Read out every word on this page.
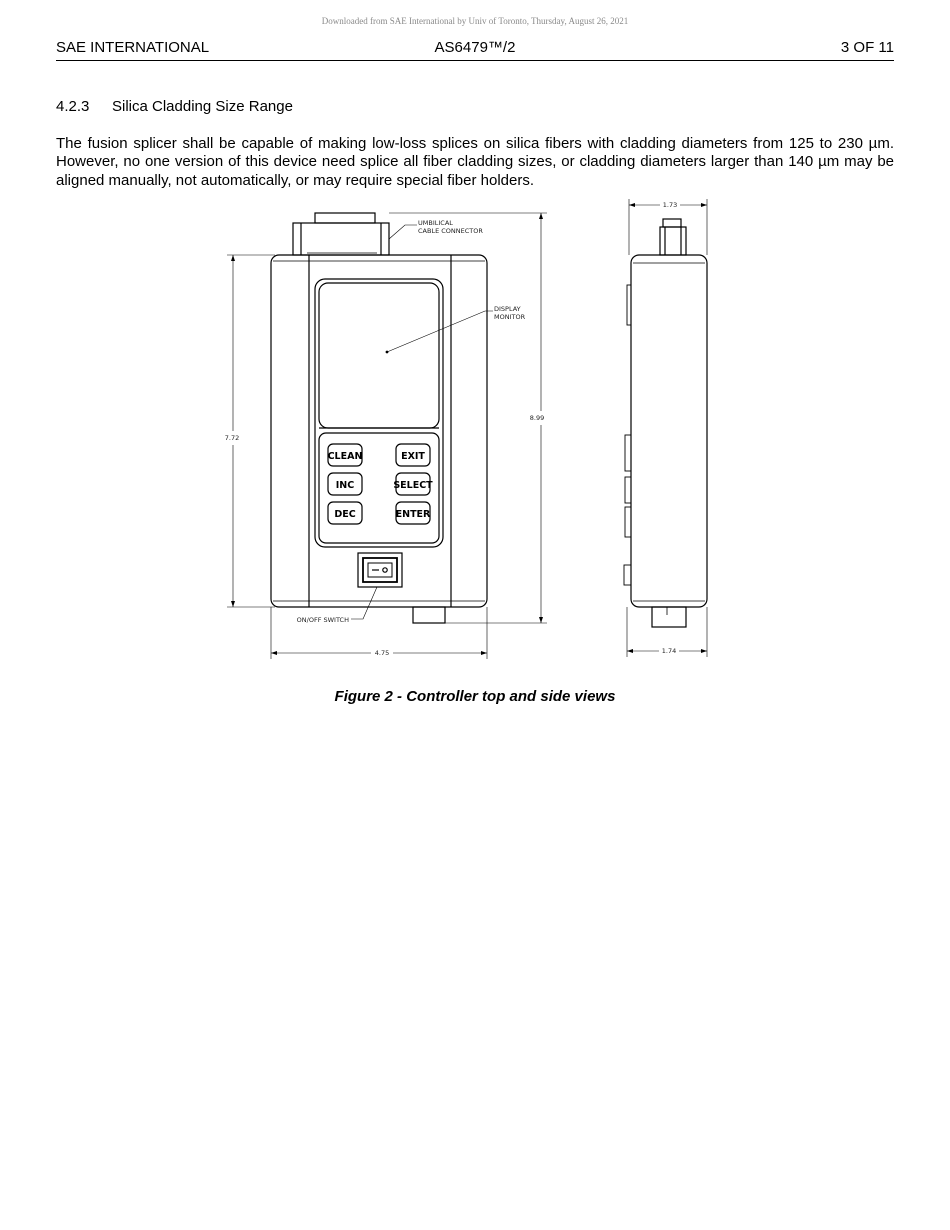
Downloaded from SAE International by Univ of Toronto, Thursday, August 26, 2021
SAE INTERNATIONAL	AS6479™/2	3 OF 11
4.2.3 Silica Cladding Size Range
The fusion splicer shall be capable of making low-loss splices on silica fibers with cladding diameters from 125 to 230 µm. However, no one version of this device need splice all fiber cladding sizes, or cladding diameters larger than 140 µm may be aligned manually, not automatically, or may require special fiber holders.
CLEAN	EXIT
INC	SELECT
DEC	ENTER
UMBILICAL
CABLE CONNECTOR
DISPLAY
MONITOR
ON/OFF SWITCH
7.72
8.99
4.75
1.73
1.74
Figure 2 - Controller top and side views
